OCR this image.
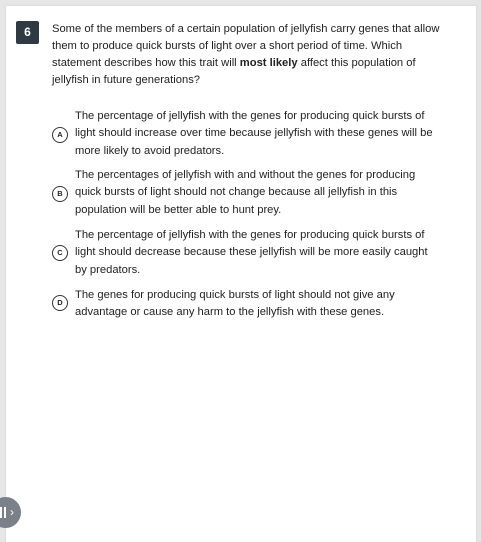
6	Some of the members of a certain population of jellyfish carry genes that allow them to produce quick bursts of light over a short period of time. Which statement describes how this trait will most likely affect this population of jellyfish in future generations?
A
The percentage of jellyfish with the genes for producing quick bursts of light should increase over time because jellyfish with these genes will be more likely to avoid predators.
B
The percentages of jellyfish with and without the genes for producing quick bursts of light should not change because all jellyfish in this population will be better able to hunt prey.
C
The percentage of jellyfish with the genes for producing quick bursts of light should decrease because these jellyfish will be more easily caught by predators.
D
The genes for producing quick bursts of light should not give any advantage or cause any harm to the jellyfish with these genes.
›
